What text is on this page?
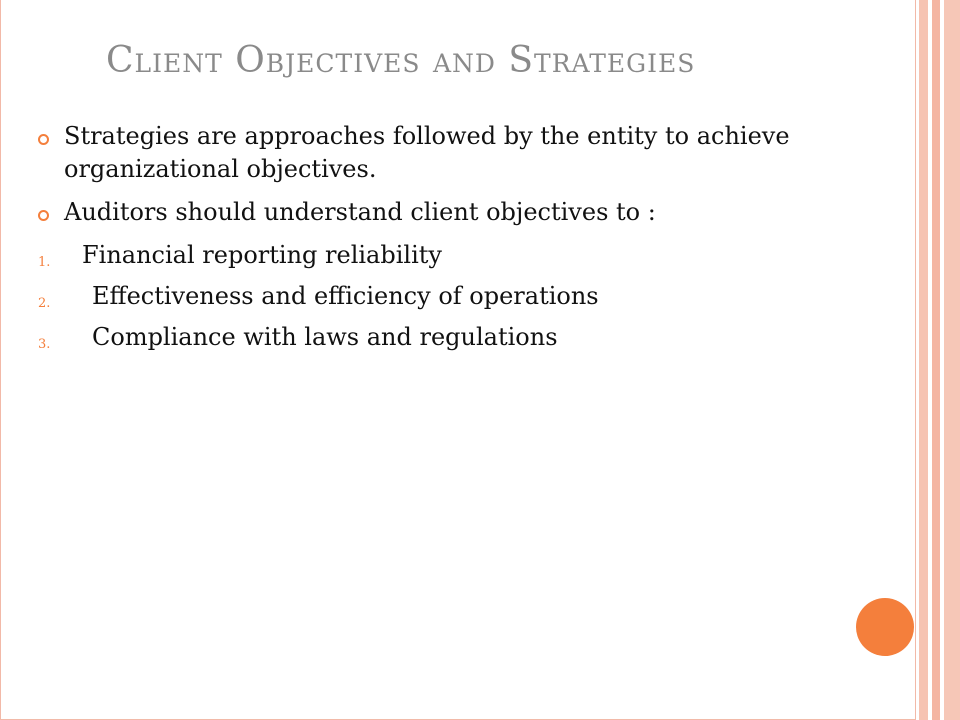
Client Objectives and Strategies
Strategies are approaches followed by the entity to achieve organizational objectives.
Auditors should understand client objectives to :
1. Financial reporting reliability
2. Effectiveness and efficiency of operations
3. Compliance with laws and regulations
